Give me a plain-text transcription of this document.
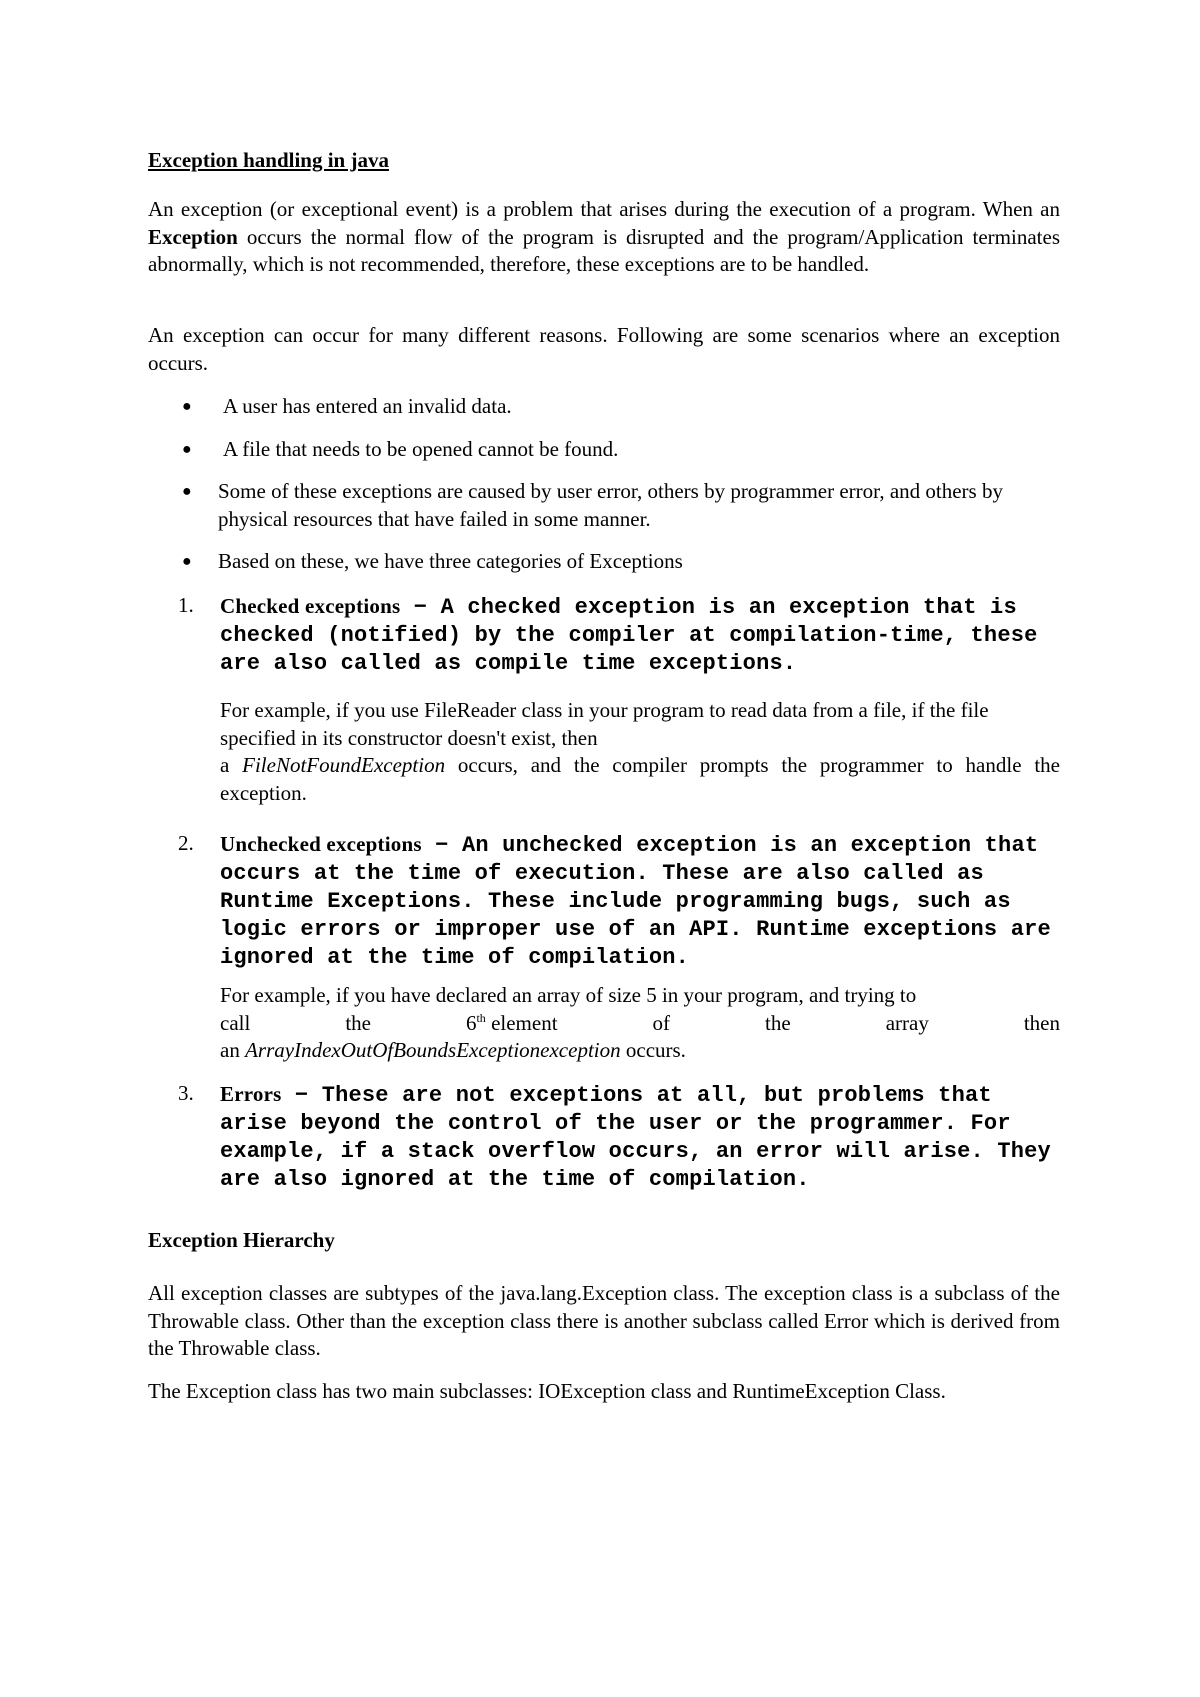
Exception handling in java
An exception (or exceptional event) is a problem that arises during the execution of a program. When an Exception occurs the normal flow of the program is disrupted and the program/Application terminates abnormally, which is not recommended, therefore, these exceptions are to be handled.
An exception can occur for many different reasons. Following are some scenarios where an exception occurs.
● A user has entered an invalid data.
● A file that needs to be opened cannot be found.
● Some of these exceptions are caused by user error, others by programmer error, and others by physical resources that have failed in some manner.
● Based on these, we have three categories of Exceptions
1. Checked exceptions − A checked exception is an exception that is checked (notified) by the compiler at compilation-time, these are also called as compile time exceptions.
For example, if you use FileReader class in your program to read data from a file, if the file specified in its constructor doesn't exist, then
a FileNotFoundException occurs, and the compiler prompts the programmer to handle the exception.
2. Unchecked exceptions − An unchecked exception is an exception that occurs at the time of execution. These are also called as Runtime Exceptions. These include programming bugs, such as logic errors or improper use of an API. Runtime exceptions are ignored at the time of compilation.
For example, if you have declared an array of size 5 in your program, and trying to
call	the	6th element	of	the	array	then
an ArrayIndexOutOfBoundsExceptionexception occurs.
3. Errors − These are not exceptions at all, but problems that arise beyond the control of the user or the programmer. For example, if a stack overflow occurs, an error will arise. They are also ignored at the time of compilation.
Exception Hierarchy
All exception classes are subtypes of the java.lang.Exception class. The exception class is a subclass of the Throwable class. Other than the exception class there is another subclass called Error which is derived from the Throwable class.
The Exception class has two main subclasses: IOException class and RuntimeException Class.
